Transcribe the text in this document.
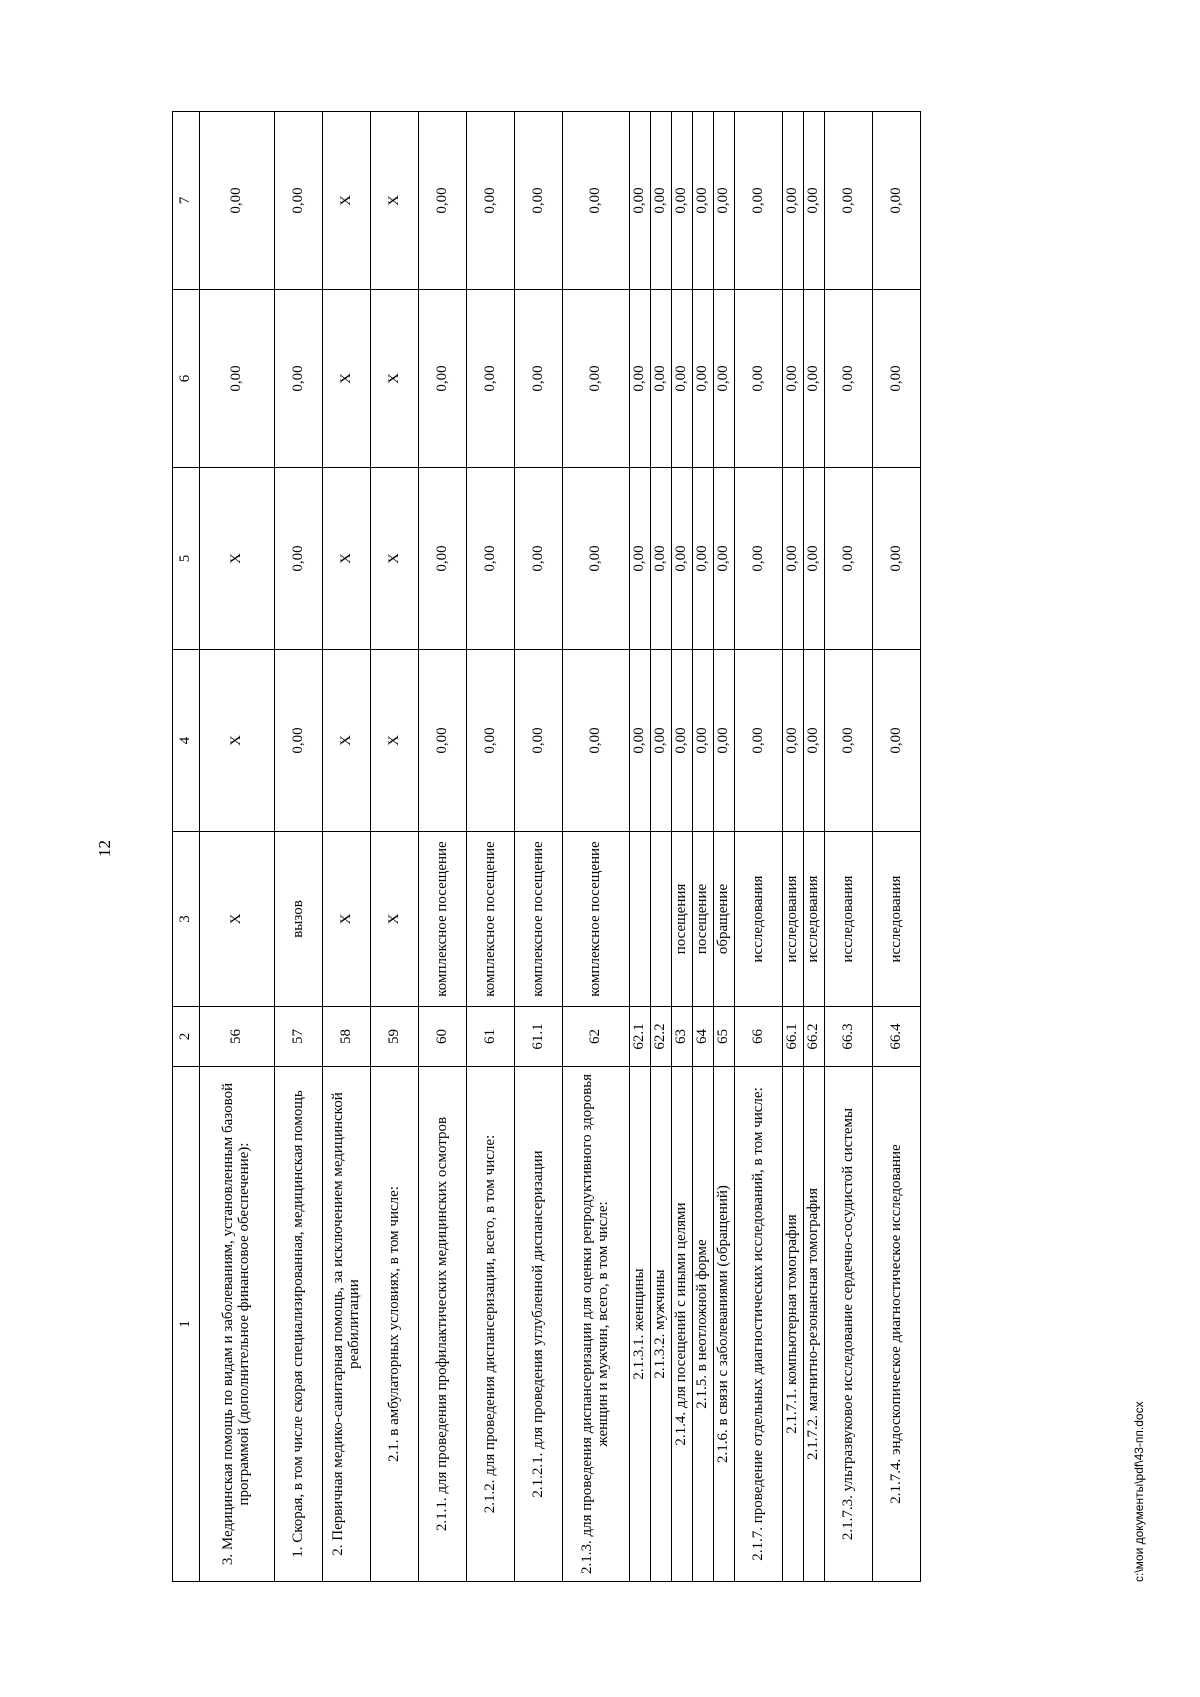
12
1	2	3	4	5	6	7
3. Медицинская помощь по видам и заболеваниям, установленным базовой программой (дополнительное финансовое обеспечение):	56	X	X	X	0,00	0,00
1. Скорая, в том числе скорая специализированная, медицинская помощь	57	вызов	0,00	0,00	0,00	0,00
2. Первичная медико-санитарная помощь, за исключением медицинской реабилитации	58	X	X	X	X	X
2.1. в амбулаторных условиях, в том числе:	59	X	X	X	X	X
2.1.1. для проведения профилактических медицинских осмотров	60	комплексное посещение	0,00	0,00	0,00	0,00
2.1.2. для проведения диспансеризации, всего, в том числе:	61	комплексное посещение	0,00	0,00	0,00	0,00
2.1.2.1. для проведения углубленной диспансеризации	61.1	комплексное посещение	0,00	0,00	0,00	0,00
2.1.3. для проведения диспансеризации для оценки репродуктивного здоровья женщин и мужчин, всего, в том числе:	62	комплексное посещение	0,00	0,00	0,00	0,00
2.1.3.1. женщины	62.1		0,00	0,00	0,00	0,00
2.1.3.2. мужчины	62.2		0,00	0,00	0,00	0,00
2.1.4. для посещений с иными целями	63	посещения	0,00	0,00	0,00	0,00
2.1.5. в неотложной форме	64	посещение	0,00	0,00	0,00	0,00
2.1.6. в связи с заболеваниями (обращений)	65	обращение	0,00	0,00	0,00	0,00
2.1.7. проведение отдельных диагностических исследований, в том числе:	66	исследования	0,00	0,00	0,00	0,00
2.1.7.1. компьютерная томография	66.1	исследования	0,00	0,00	0,00	0,00
2.1.7.2. магнитно-резонансная томография	66.2	исследования	0,00	0,00	0,00	0,00
2.1.7.3. ультразвуковое исследование сердечно-сосудистой системы	66.3	исследования	0,00	0,00	0,00	0,00
2.1.7.4. эндоскопическое диагностическое исследование	66.4	исследования	0,00	0,00	0,00	0,00
c:\мои документы\pdf\43-пп.docx
